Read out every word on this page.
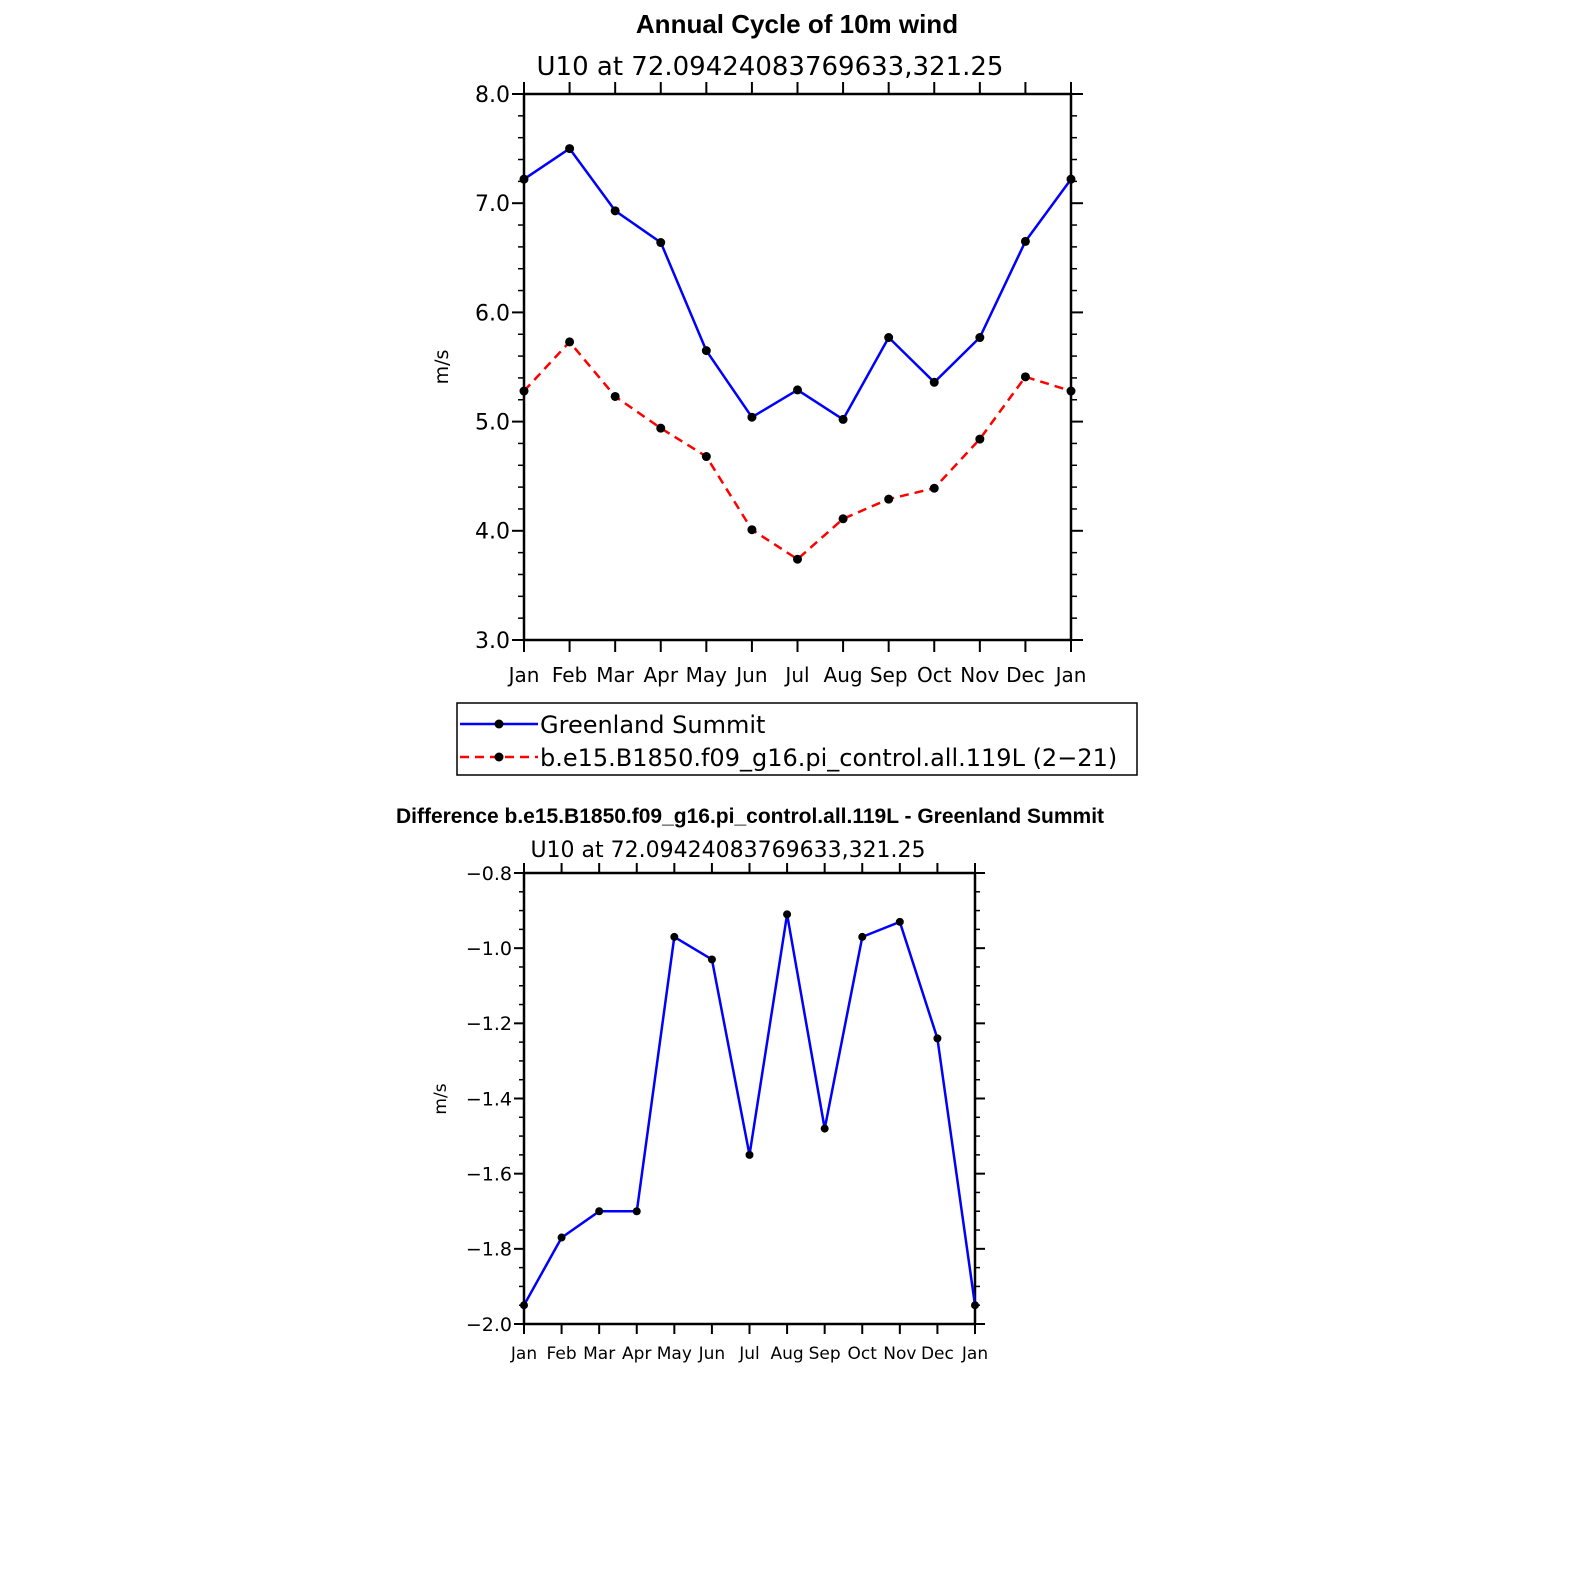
Annual Cycle of 10m wind
U10 at 72.09424083769633,321.25
m/s
Greenland Summit
b.e15.B1850.f09_g16.pi_control.all.119L (2−21)
Jan Feb Mar Apr May Jun Jul Aug Sep Oct Nov Dec Jan
3.0
4.0
5.0
6.0
7.0
8.0
Difference b.e15.B1850.f09_g16.pi_control.all.119L - Greenland Summit
U10 at 72.09424083769633,321.25
m/s
Jan Feb Mar Apr May Jun Jul Aug Sep Oct Nov Dec Jan
−2.0
−1.8
−1.6
−1.4
−1.2
−1.0
−0.8
